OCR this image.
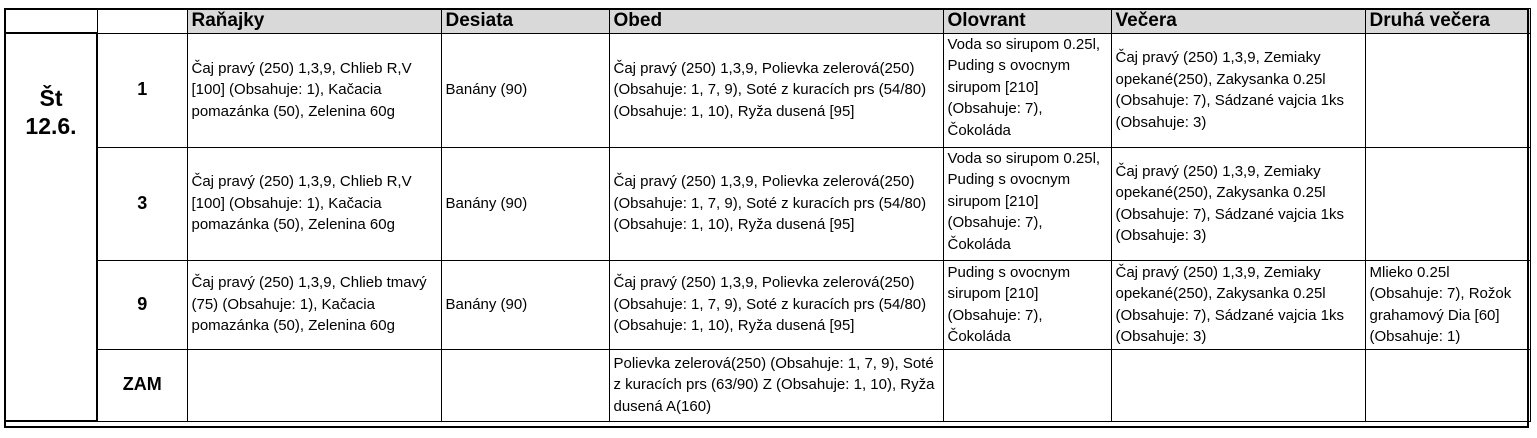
		Raňajky	Desiata	Obed	Olovrant	Večera	Druhá večera

Št
12.6.	1	Čaj pravý (250) 1,3,9, Chlieb R,V [100] (Obsahuje: 1), Kačacia pomazánka (50), Zelenina 60g	Banány (90)	Čaj pravý (250) 1,3,9, Polievka zelerová(250) (Obsahuje: 1, 7, 9), Soté z kuracích prs (54/80) (Obsahuje: 1, 10), Ryža dusená [95]	Voda so sirupom 0.25l, Puding s ovocnym sirupom [210] (Obsahuje: 7), Čokoláda	Čaj pravý (250) 1,3,9, Zemiaky opekané(250), Zakysanka 0.25l (Obsahuje: 7), Sádzané vajcia 1ks (Obsahuje: 3)	
	3	Čaj pravý (250) 1,3,9, Chlieb R,V [100] (Obsahuje: 1), Kačacia pomazánka (50), Zelenina 60g	Banány (90)	Čaj pravý (250) 1,3,9, Polievka zelerová(250) (Obsahuje: 1, 7, 9), Soté z kuracích prs (54/80) (Obsahuje: 1, 10), Ryža dusená [95]	Voda so sirupom 0.25l, Puding s ovocnym sirupom [210] (Obsahuje: 7), Čokoláda	Čaj pravý (250) 1,3,9, Zemiaky opekané(250), Zakysanka 0.25l (Obsahuje: 7), Sádzané vajcia 1ks (Obsahuje: 3)	
	9	Čaj pravý (250) 1,3,9, Chlieb tmavý (75) (Obsahuje: 1), Kačacia pomazánka (50), Zelenina 60g	Banány (90)	Čaj pravý (250) 1,3,9, Polievka zelerová(250) (Obsahuje: 1, 7, 9), Soté z kuracích prs (54/80) (Obsahuje: 1, 10), Ryža dusená [95]	Puding s ovocnym sirupom [210] (Obsahuje: 7), Čokoláda	Čaj pravý (250) 1,3,9, Zemiaky opekané(250), Zakysanka 0.25l (Obsahuje: 7), Sádzané vajcia 1ks (Obsahuje: 3)	Mlieko 0.25l (Obsahuje: 7), Rožok grahamový Dia [60] (Obsahuje: 1)
	ZAM			Polievka zelerová(250) (Obsahuje: 1, 7, 9), Soté z kuracích prs (63/90) Z (Obsahuje: 1, 10), Ryža dusená A(160)			
